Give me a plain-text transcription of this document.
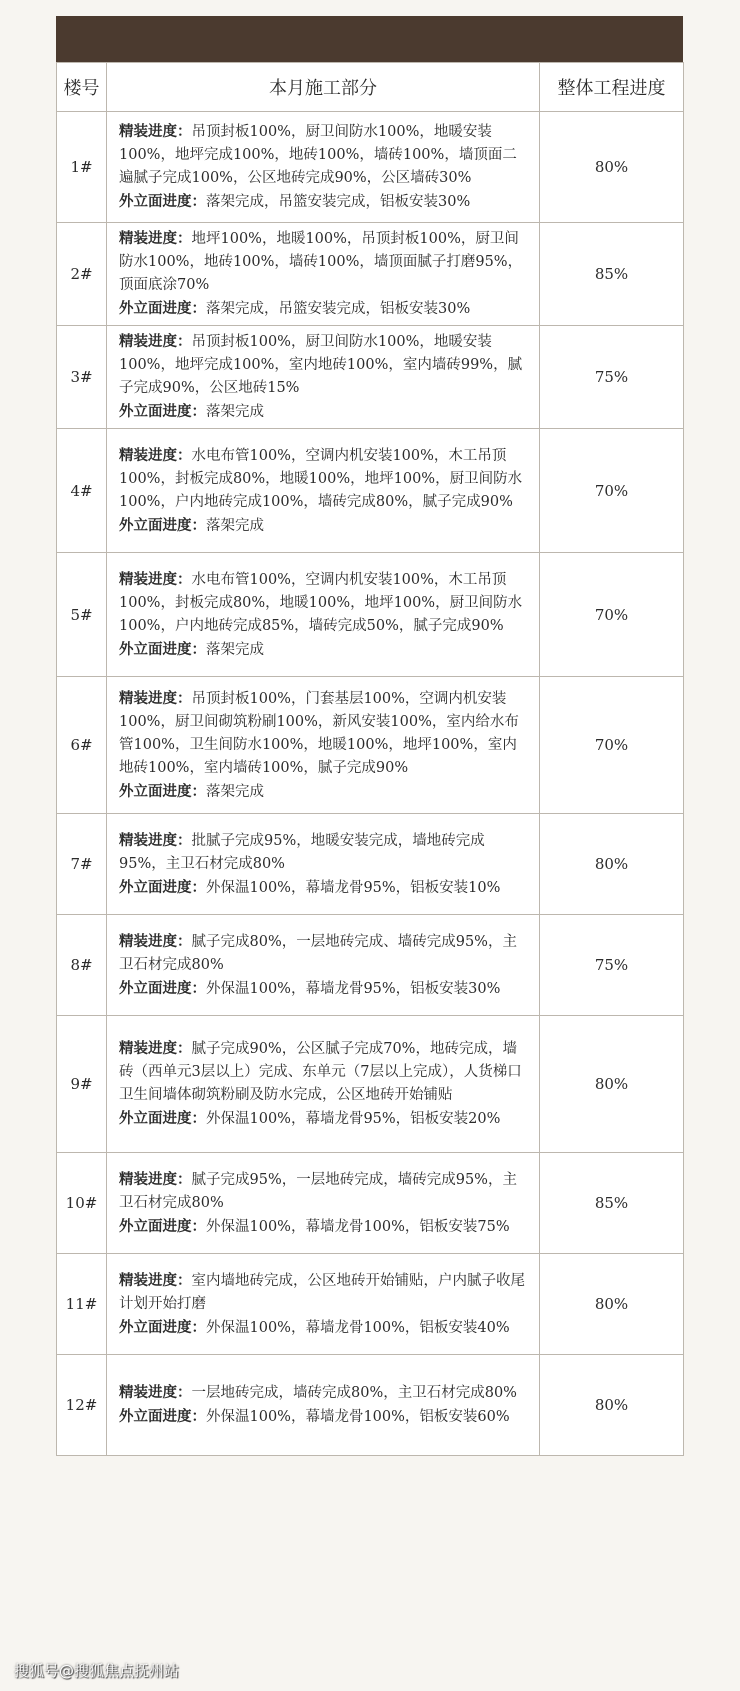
楼号	本月施工部分	整体工程进度
1#	精装进度：吊顶封板100%，厨卫间防水100%，地暖安装100%，地坪完成100%，地砖100%，墙砖100%，墙顶面二遍腻子完成100%，公区地砖完成90%，公区墙砖30%
外立面进度：落架完成，吊篮安装完成，铝板安装30%	80%
2#	精装进度：地坪100%，地暖100%，吊顶封板100%，厨卫间防水100%，地砖100%，墙砖100%，墙顶面腻子打磨95%，顶面底涂70%
外立面进度：落架完成，吊篮安装完成，铝板安装30%	85%
3#	精装进度：吊顶封板100%，厨卫间防水100%，地暖安装100%，地坪完成100%，室内地砖100%，室内墙砖99%，腻子完成90%，公区地砖15%
外立面进度：落架完成	75%
4#	精装进度：水电布管100%，空调内机安装100%，木工吊顶100%，封板完成80%，地暖100%，地坪100%，厨卫间防水100%，户内地砖完成100%，墙砖完成80%，腻子完成90%
外立面进度：落架完成	70%
5#	精装进度：水电布管100%，空调内机安装100%，木工吊顶100%，封板完成80%，地暖100%，地坪100%，厨卫间防水100%，户内地砖完成85%，墙砖完成50%，腻子完成90%
外立面进度：落架完成	70%
6#	精装进度：吊顶封板100%，门套基层100%，空调内机安装100%，厨卫间砌筑粉刷100%，新风安装100%，室内给水布管100%，卫生间防水100%，地暖100%，地坪100%，室内地砖100%，室内墙砖100%，腻子完成90%
外立面进度：落架完成	70%
7#	精装进度：批腻子完成95%，地暖安装完成，墙地砖完成95%，主卫石材完成80%
外立面进度：外保温100%，幕墙龙骨95%，铝板安装10%	80%
8#	精装进度：腻子完成80%，一层地砖完成、墙砖完成95%，主卫石材完成80%
外立面进度：外保温100%，幕墙龙骨95%，铝板安装30%	75%
9#	精装进度：腻子完成90%，公区腻子完成70%，地砖完成，墙砖（西单元3层以上）完成、东单元（7层以上完成），人货梯口卫生间墙体砌筑粉刷及防水完成，公区地砖开始铺贴
外立面进度：外保温100%，幕墙龙骨95%，铝板安装20%	80%
10#	精装进度：腻子完成95%，一层地砖完成，墙砖完成95%，主卫石材完成80%
外立面进度：外保温100%，幕墙龙骨100%，铝板安装75%	85%
11#	精装进度：室内墙地砖完成，公区地砖开始铺贴，户内腻子收尾计划开始打磨
外立面进度：外保温100%，幕墙龙骨100%，铝板安装40%	80%
12#	精装进度：一层地砖完成，墙砖完成80%，主卫石材完成80%
外立面进度：外保温100%，幕墙龙骨100%，铝板安装60%	80%
搜狐号@搜狐焦点抚州站
